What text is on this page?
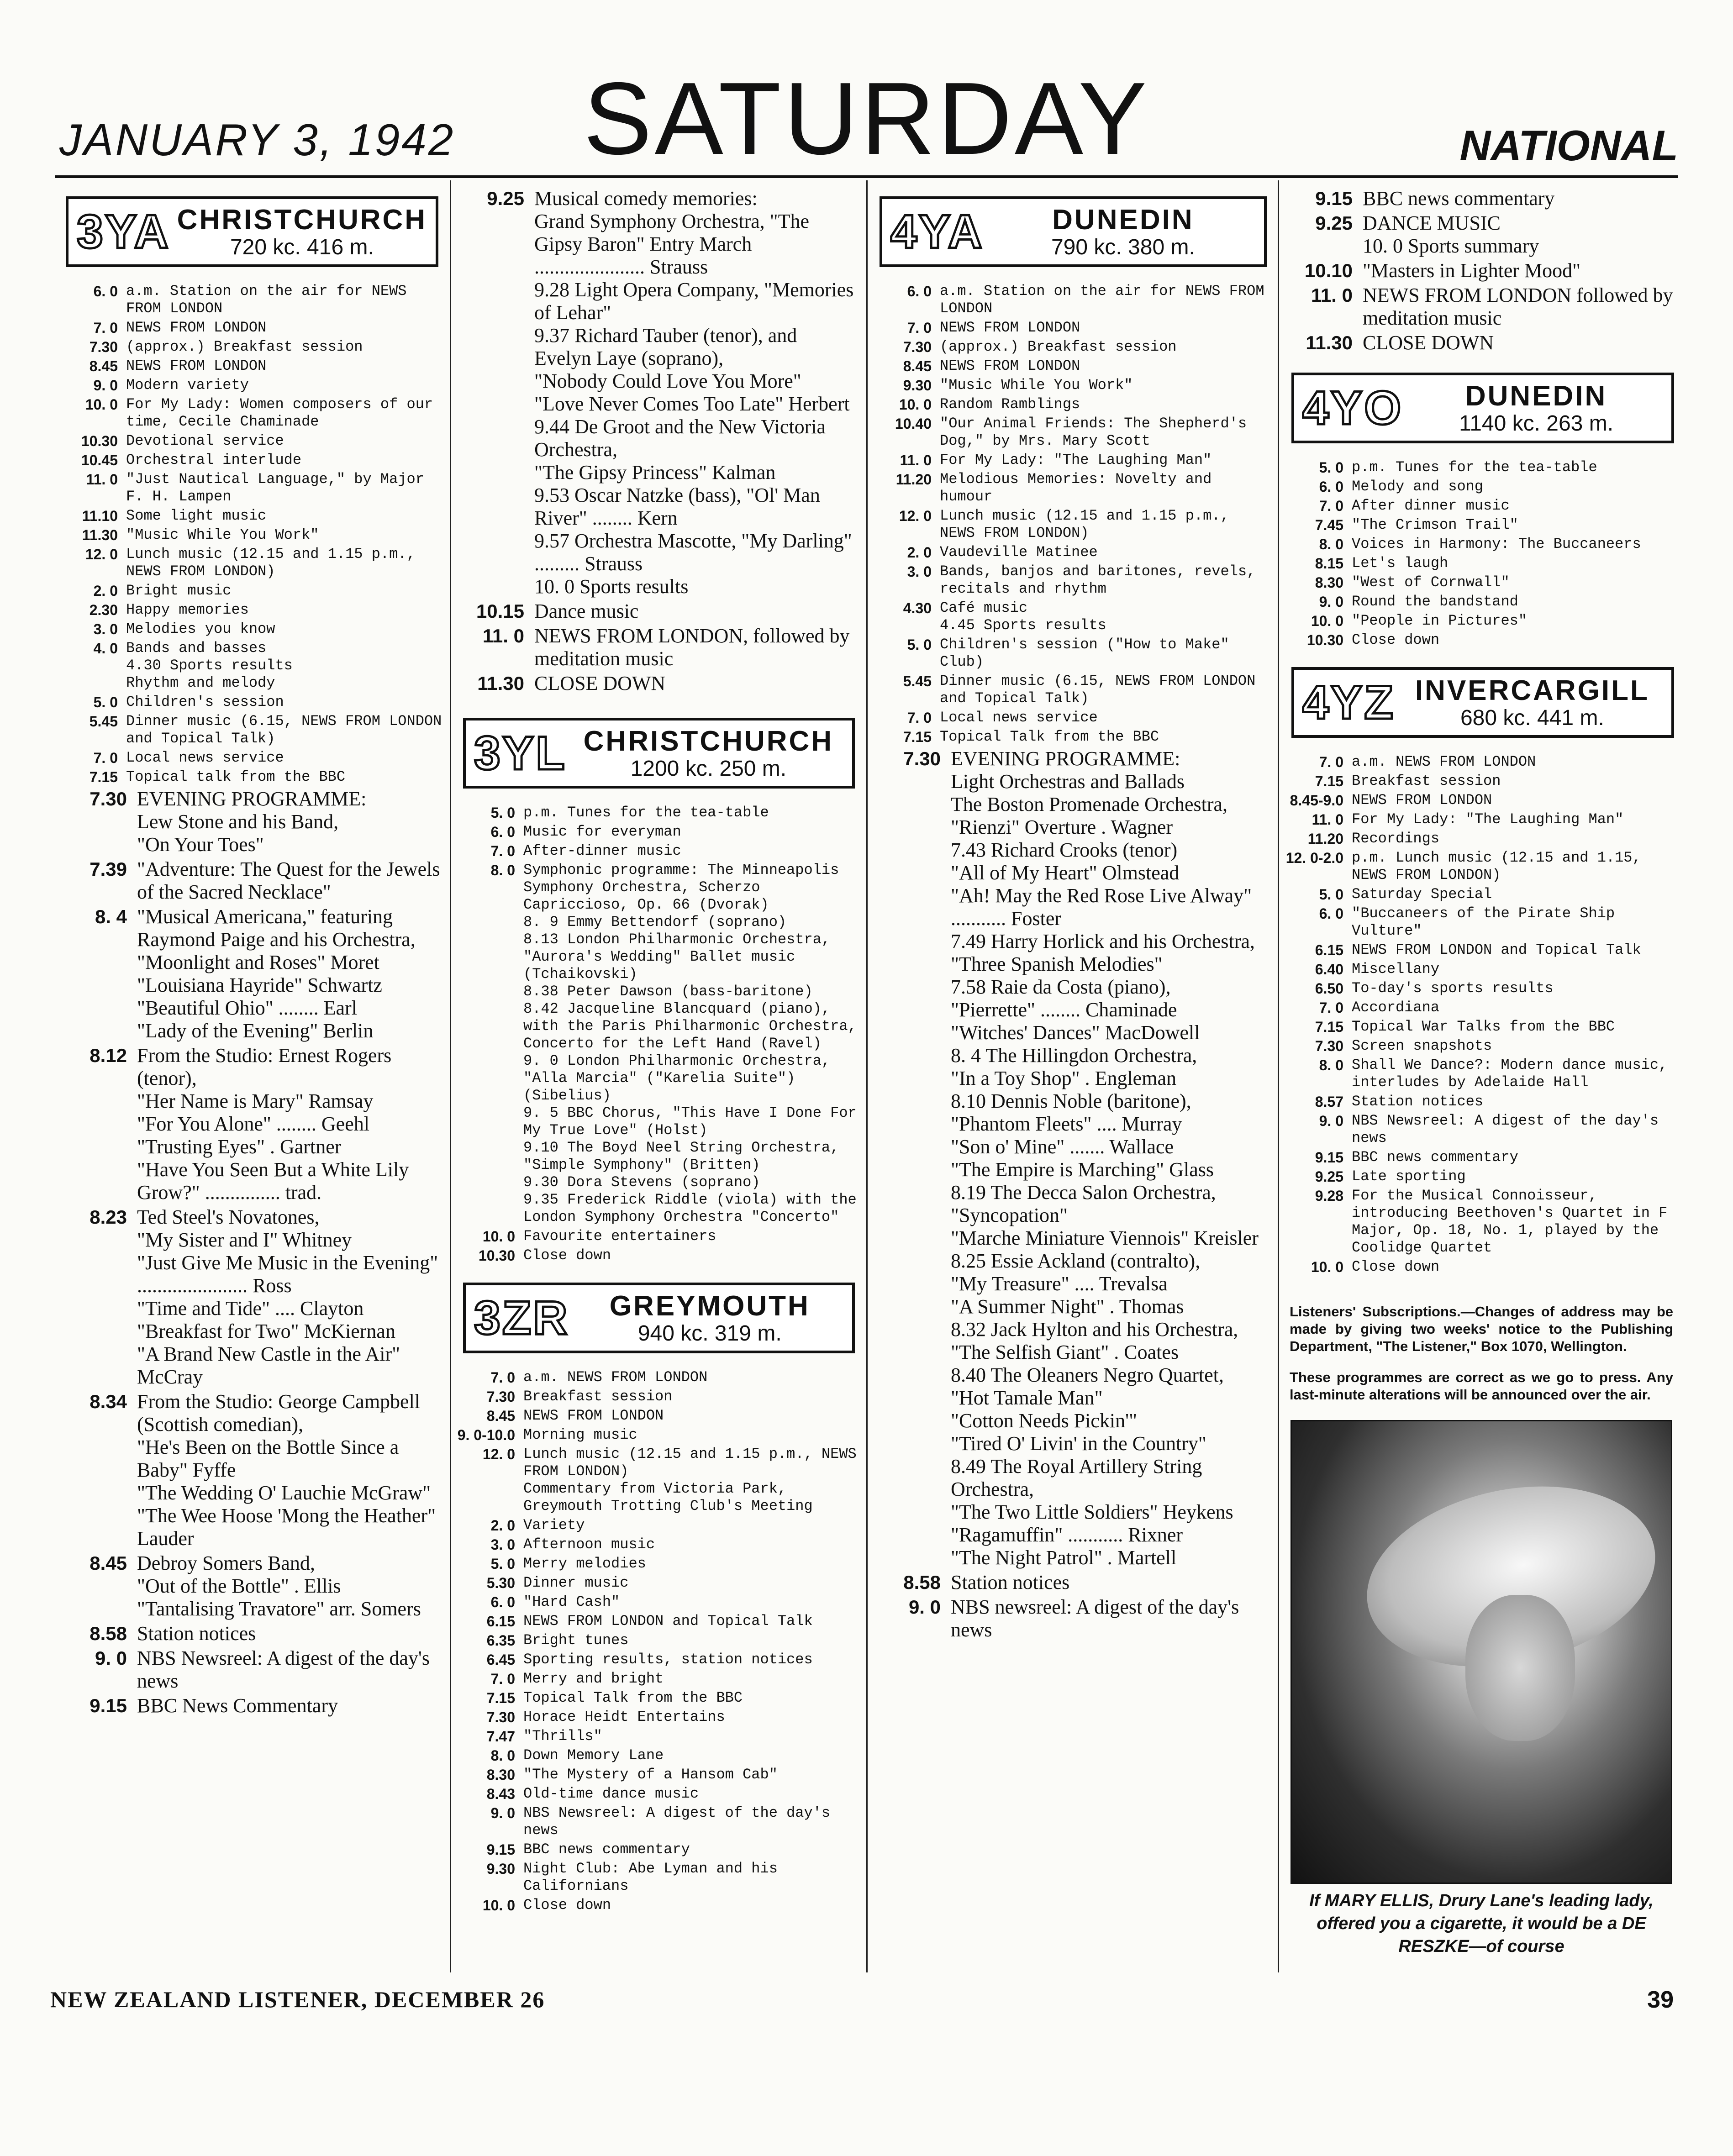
JANUARY 3, 1942	SATURDAY	NATIONAL
3YA CHRISTCHURCH
720 kc. 416 m.
6. 0 a.m. Station on the air for NEWS FROM LONDON
7. 0 NEWS FROM LONDON
7.30 (approx.) Breakfast session
8.45 NEWS FROM LONDON
9. 0 Modern variety
10. 0 For My Lady: Women composers of our time, Cecile Chaminade
10.30 Devotional service
10.45 Orchestral interlude
11. 0 "Just Nautical Language," by Major F. H. Lampen
11.10 Some light music
11.30 "Music While You Work"
12. 0 Lunch music (12.15 and 1.15 p.m., NEWS FROM LONDON)
2. 0 Bright music
2.30 Happy memories
3. 0 Melodies you know
4. 0 Bands and basses
4.30 Sports results
Rhythm and melody
5. 0 Children's session
5.45 Dinner music (6.15, NEWS FROM LONDON and Topical Talk)
7. 0 Local news service
7.15 Topical talk from the BBC
7.30 EVENING PROGRAMME:
Lew Stone and his Band,
"On Your Toes"
7.39 "Adventure: The Quest for the Jewels of the Sacred Necklace"
8. 4 "Musical Americana," featuring Raymond Paige and his Orchestra,
"Moonlight and Roses" Moret
"Louisiana Hayride" Schwartz
"Beautiful Ohio" ........ Earl
"Lady of the Evening" Berlin
8.12 From the Studio: Ernest Rogers (tenor),
"Her Name is Mary" Ramsay
"For You Alone" ........ Geehl
"Trusting Eyes" . Gartner
"Have You Seen But a White Lily Grow?" ............... trad.
8.23 Ted Steel's Novatones,
"My Sister and I" Whitney
"Just Give Me Music in the Evening" ...................... Ross
"Time and Tide" .... Clayton
"Breakfast for Two" McKiernan
"A Brand New Castle in the Air" McCray
8.34 From the Studio: George Campbell (Scottish comedian),
"He's Been on the Bottle Since a Baby" Fyffe
"The Wedding O' Lauchie McGraw"
"The Wee Hoose 'Mong the Heather" Lauder
8.45 Debroy Somers Band,
"Out of the Bottle" . Ellis
"Tantalising Travatore" arr. Somers
8.58 Station notices
9. 0 NBS Newsreel: A digest of the day's news
9.15 BBC News Commentary
9.25 Musical comedy memories:
Grand Symphony Orchestra, "The Gipsy Baron" Entry March ...................... Strauss
9.28 Light Opera Company, "Memories of Lehar"
9.37 Richard Tauber (tenor), and Evelyn Laye (soprano),
"Nobody Could Love You More"
"Love Never Comes Too Late" Herbert
9.44 De Groot and the New Victoria Orchestra,
"The Gipsy Princess" Kalman
9.53 Oscar Natzke (bass), "Ol' Man River" ........ Kern
9.57 Orchestra Mascotte, "My Darling" ......... Strauss
10. 0 Sports results
10.15 Dance music
11. 0 NEWS FROM LONDON, followed by meditation music
11.30 CLOSE DOWN
3YL CHRISTCHURCH
1200 kc. 250 m.
5. 0 p.m. Tunes for the tea-table
6. 0 Music for everyman
7. 0 After-dinner music
8. 0 Symphonic programme: The Minneapolis Symphony Orchestra, Scherzo Capriccioso, Op. 66 (Dvorak)
8. 9 Emmy Bettendorf (soprano)
8.13 London Philharmonic Orchestra, "Aurora's Wedding" Ballet music (Tchaikovski)
8.38 Peter Dawson (bass-baritone)
8.42 Jacqueline Blancquard (piano), with the Paris Philharmonic Orchestra, Concerto for the Left Hand (Ravel)
9. 0 London Philharmonic Orchestra, "Alla Marcia" ("Karelia Suite") (Sibelius)
9. 5 BBC Chorus, "This Have I Done For My True Love" (Holst)
9.10 The Boyd Neel String Orchestra, "Simple Symphony" (Britten)
9.30 Dora Stevens (soprano)
9.35 Frederick Riddle (viola) with the London Symphony Orchestra "Concerto"
10. 0 Favourite entertainers
10.30 Close down
3ZR	GREYMOUTH
940 kc. 319 m.
7. 0 a.m. NEWS FROM LONDON
7.30 Breakfast session
8.45 NEWS FROM LONDON
9. 0-10.0 Morning music
12. 0 Lunch music (12.15 and 1.15 p.m., NEWS FROM LONDON)
Commentary from Victoria Park, Greymouth Trotting Club's Meeting
2. 0 Variety
3. 0 Afternoon music
5. 0 Merry melodies
5.30 Dinner music
6. 0 "Hard Cash"
6.15 NEWS FROM LONDON and Topical Talk
6.35 Bright tunes
6.45 Sporting results, station notices
7. 0 Merry and bright
7.15 Topical Talk from the BBC
7.30 Horace Heidt Entertains
7.47 "Thrills"
8. 0 Down Memory Lane
8.30 "The Mystery of a Hansom Cab"
8.43 Old-time dance music
9. 0 NBS Newsreel: A digest of the day's news
9.15 BBC news commentary
9.30 Night Club: Abe Lyman and his Californians
10. 0 Close down
4YA	DUNEDIN
790 kc. 380 m.
6. 0 a.m. Station on the air for NEWS FROM LONDON
7. 0 NEWS FROM LONDON
7.30 (approx.) Breakfast session
8.45 NEWS FROM LONDON
9.30 "Music While You Work"
10. 0 Random Ramblings
10.40 "Our Animal Friends: The Shepherd's Dog," by Mrs. Mary Scott
11. 0 For My Lady: "The Laughing Man"
11.20 Melodious Memories: Novelty and humour
12. 0 Lunch music (12.15 and 1.15 p.m., NEWS FROM LONDON)
2. 0 Vaudeville Matinee
3. 0 Bands, banjos and baritones, revels, recitals and rhythm
4.30 Café music
4.45 Sports results
5. 0 Children's session ("How to Make" Club)
5.45 Dinner music (6.15, NEWS FROM LONDON and Topical Talk)
7. 0 Local news service
7.15 Topical Talk from the BBC
7.30 EVENING PROGRAMME:
Light Orchestras and Ballads
The Boston Promenade Orchestra,
"Rienzi" Overture . Wagner
7.43 Richard Crooks (tenor)
"All of My Heart" Olmstead
"Ah! May the Red Rose Live Alway" ........... Foster
7.49 Harry Horlick and his Orchestra,
"Three Spanish Melodies"
7.58 Raie da Costa (piano),
"Pierrette" ........ Chaminade
"Witches' Dances" MacDowell
8. 4 The Hillingdon Orchestra,
"In a Toy Shop" . Engleman
8.10 Dennis Noble (baritone),
"Phantom Fleets" .... Murray
"Son o' Mine" ....... Wallace
"The Empire is Marching" Glass
8.19 The Decca Salon Orchestra,
"Syncopation"
"Marche Miniature Viennois" Kreisler
8.25 Essie Ackland (contralto),
"My Treasure" .... Trevalsa
"A Summer Night" . Thomas
8.32 Jack Hylton and his Orchestra,
"The Selfish Giant" . Coates
8.40 The Oleaners Negro Quartet,
"Hot Tamale Man"
"Cotton Needs Pickin'"
"Tired O' Livin' in the Country"
8.49 The Royal Artillery String Orchestra,
"The Two Little Soldiers" Heykens
"Ragamuffin" ........... Rixner
"The Night Patrol" . Martell
8.58 Station notices
9. 0 NBS newsreel: A digest of the day's news
9.15 BBC news commentary
9.25 DANCE MUSIC
10. 0 Sports summary
10.10 "Masters in Lighter Mood"
11. 0 NEWS FROM LONDON followed by meditation music
11.30 CLOSE DOWN
4YO	DUNEDIN
1140 kc. 263 m.
5. 0 p.m. Tunes for the tea-table
6. 0 Melody and song
7. 0 After dinner music
7.45 "The Crimson Trail"
8. 0 Voices in Harmony: The Buccaneers
8.15 Let's laugh
8.30 "West of Cornwall"
9. 0 Round the bandstand
10. 0 "People in Pictures"
10.30 Close down
4YZ INVERCARGILL
680 kc. 441 m.
7. 0 a.m. NEWS FROM LONDON
7.15 Breakfast session
8.45-9.0 NEWS FROM LONDON
11. 0 For My Lady: "The Laughing Man"
11.20 Recordings
12. 0-2.0 p.m. Lunch music (12.15 and 1.15, NEWS FROM LONDON)
5. 0 Saturday Special
6. 0 "Buccaneers of the Pirate Ship Vulture"
6.15 NEWS FROM LONDON and Topical Talk
6.40 Miscellany
6.50 To-day's sports results
7. 0 Accordiana
7.15 Topical War Talks from the BBC
7.30 Screen snapshots
8. 0 Shall We Dance?: Modern dance music, interludes by Adelaide Hall
8.57 Station notices
9. 0 NBS Newsreel: A digest of the day's news
9.15 BBC news commentary
9.25 Late sporting
9.28 For the Musical Connoisseur, introducing Beethoven's Quartet in F Major, Op. 18, No. 1, played by the Coolidge Quartet
10. 0 Close down
Listeners' Subscriptions.—Changes of address may be made by giving two weeks' notice to the Publishing Department, "The Listener," Box 1070, Wellington.
These programmes are correct as we go to press. Any last-minute alterations will be announced over the air.
If MARY ELLIS, Drury Lane's leading lady, offered you a cigarette, it would be a DE RESZKE—of course
NEW ZEALAND LISTENER, DECEMBER 26	39
